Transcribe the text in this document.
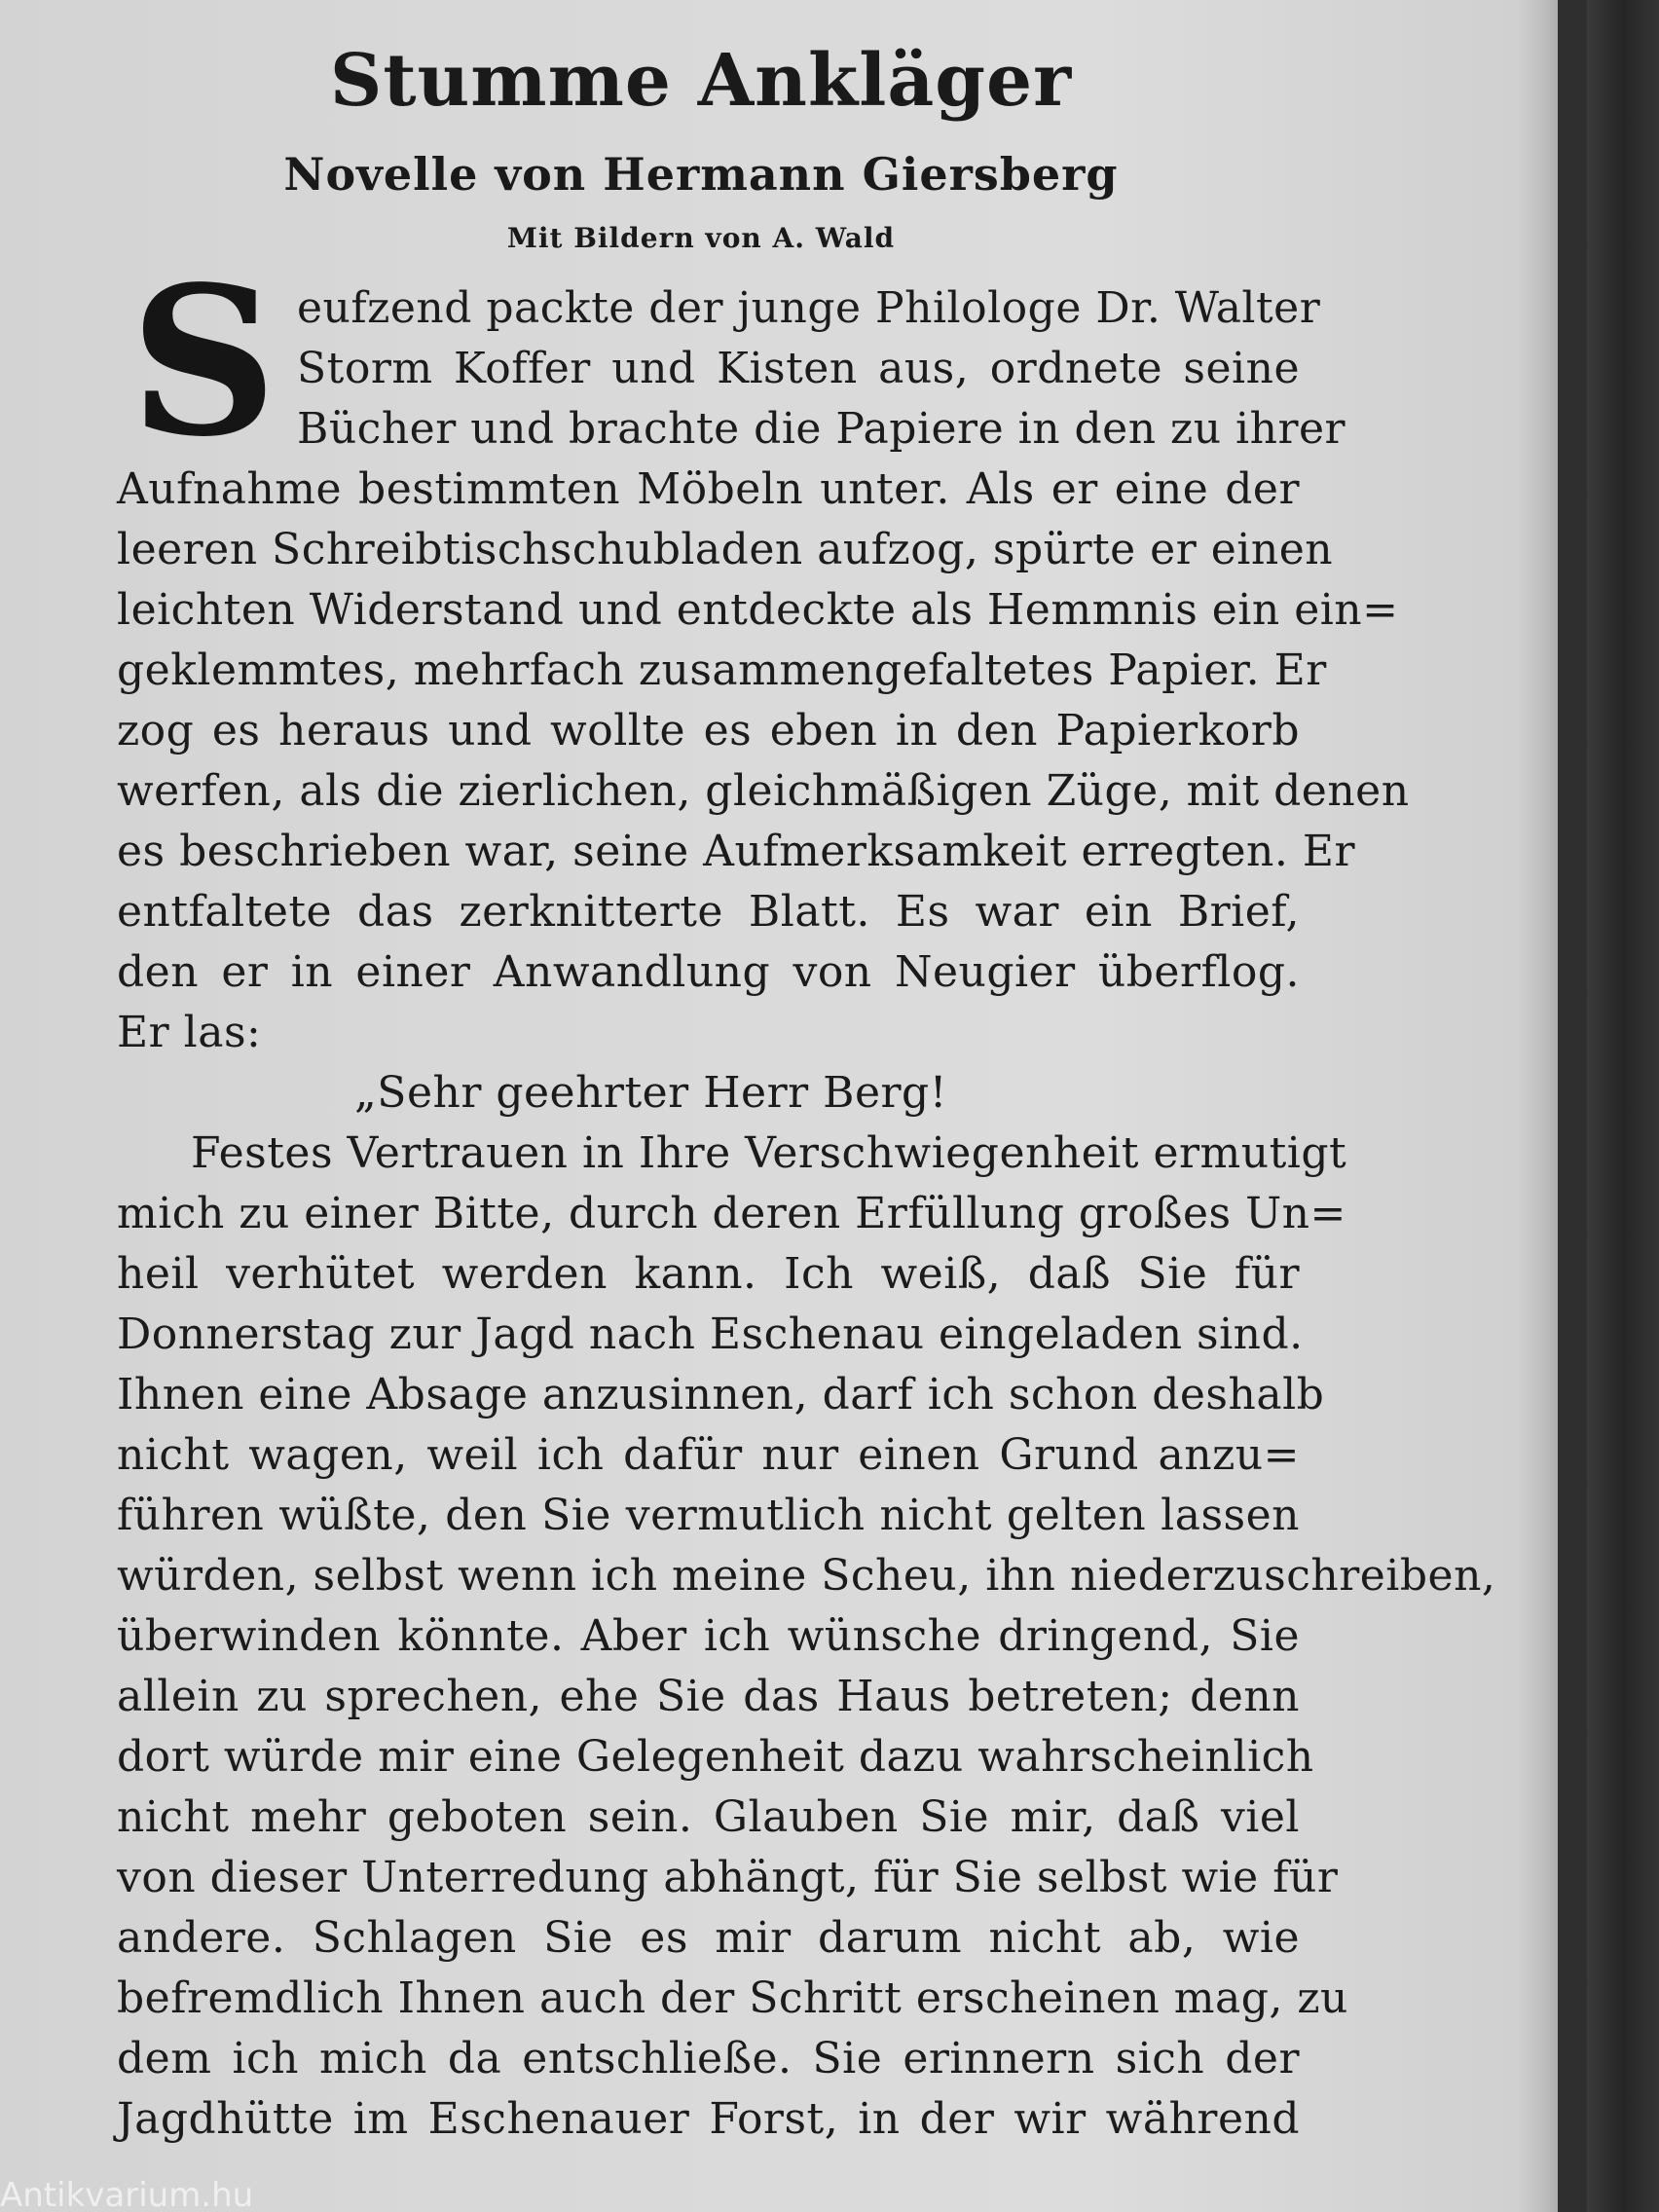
Stumme Ankläger
Novelle von Hermann Giersberg
Mit Bildern von A. Wald
S eufzend packte der junge Philologe Dr. Walter
Storm Koffer und Kisten aus, ordnete seine
Bücher und brachte die Papiere in den zu ihrer
Aufnahme bestimmten Möbeln unter. Als er eine der
leeren Schreibtischschubladen aufzog, spürte er einen
leichten Widerstand und entdeckte als Hemmnis ein ein=
geklemmtes, mehrfach zusammengefaltetes Papier. Er
zog es heraus und wollte es eben in den Papierkorb
werfen, als die zierlichen, gleichmäßigen Züge, mit denen
es beschrieben war, seine Aufmerksamkeit erregten. Er
entfaltete das zerknitterte Blatt. Es war ein Brief,
den er in einer Anwandlung von Neugier überflog.
Er las:
„Sehr geehrter Herr Berg!
Festes Vertrauen in Ihre Verschwiegenheit ermutigt
mich zu einer Bitte, durch deren Erfüllung großes Un=
heil verhütet werden kann. Ich weiß, daß Sie für
Donnerstag zur Jagd nach Eschenau eingeladen sind.
Ihnen eine Absage anzusinnen, darf ich schon deshalb
nicht wagen, weil ich dafür nur einen Grund anzu=
führen wüßte, den Sie vermutlich nicht gelten lassen
würden, selbst wenn ich meine Scheu, ihn niederzuschreiben,
überwinden könnte. Aber ich wünsche dringend, Sie
allein zu sprechen, ehe Sie das Haus betreten; denn
dort würde mir eine Gelegenheit dazu wahrscheinlich
nicht mehr geboten sein. Glauben Sie mir, daß viel
von dieser Unterredung abhängt, für Sie selbst wie für
andere. Schlagen Sie es mir darum nicht ab, wie
befremdlich Ihnen auch der Schritt erscheinen mag, zu
dem ich mich da entschließe. Sie erinnern sich der
Jagdhütte im Eschenauer Forst, in der wir während
Antikvarium.hu
